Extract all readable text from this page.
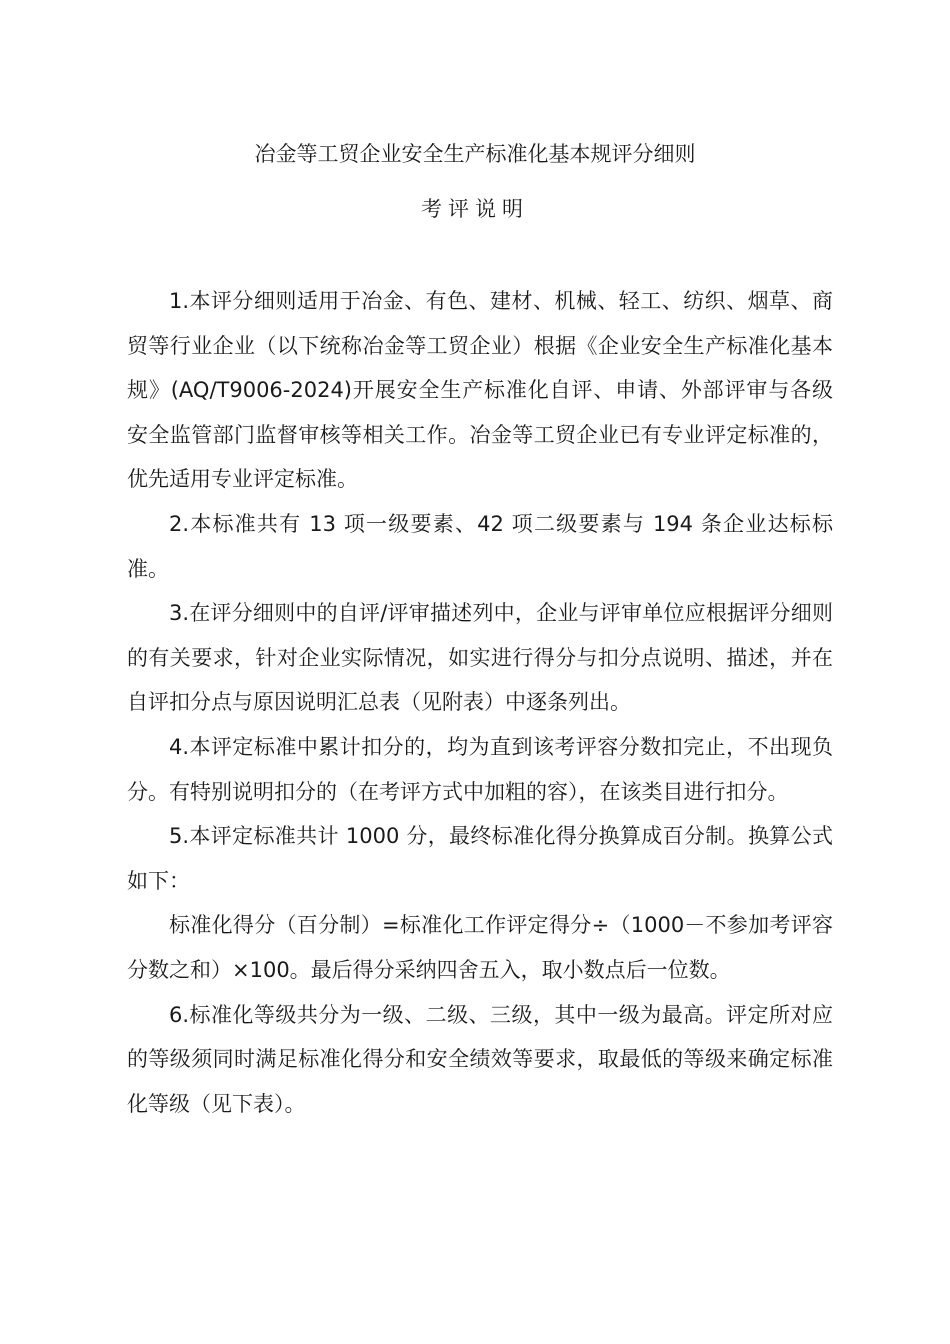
冶金等工贸企业安全生产标准化基本规评分细则
考评说明

1.本评分细则适用于冶金、有色、建材、机械、轻工、纺织、烟草、商贸等行业企业（以下统称冶金等工贸企业）根据《企业安全生产标准化基本规》(AQ/T9006-2024)开展安全生产标准化自评、申请、外部评审与各级安全监管部门监督审核等相关工作。冶金等工贸企业已有专业评定标准的，优先适用专业评定标准。

2.本标准共有 13 项一级要素、42 项二级要素与 194 条企业达标标准。

3.在评分细则中的自评/评审描述列中，企业与评审单位应根据评分细则的有关要求，针对企业实际情况，如实进行得分与扣分点说明、描述，并在自评扣分点与原因说明汇总表（见附表）中逐条列出。

4.本评定标准中累计扣分的，均为直到该考评容分数扣完止，不出现负分。有特别说明扣分的（在考评方式中加粗的容），在该类目进行扣分。

5.本评定标准共计 1000 分，最终标准化得分换算成百分制。换算公式如下：

标准化得分（百分制）=标准化工作评定得分÷（1000－不参加考评容分数之和）×100。最后得分采纳四舍五入，取小数点后一位数。

6.标准化等级共分为一级、二级、三级，其中一级为最高。评定所对应的等级须同时满足标准化得分和安全绩效等要求，取最低的等级来确定标准化等级（见下表）。
